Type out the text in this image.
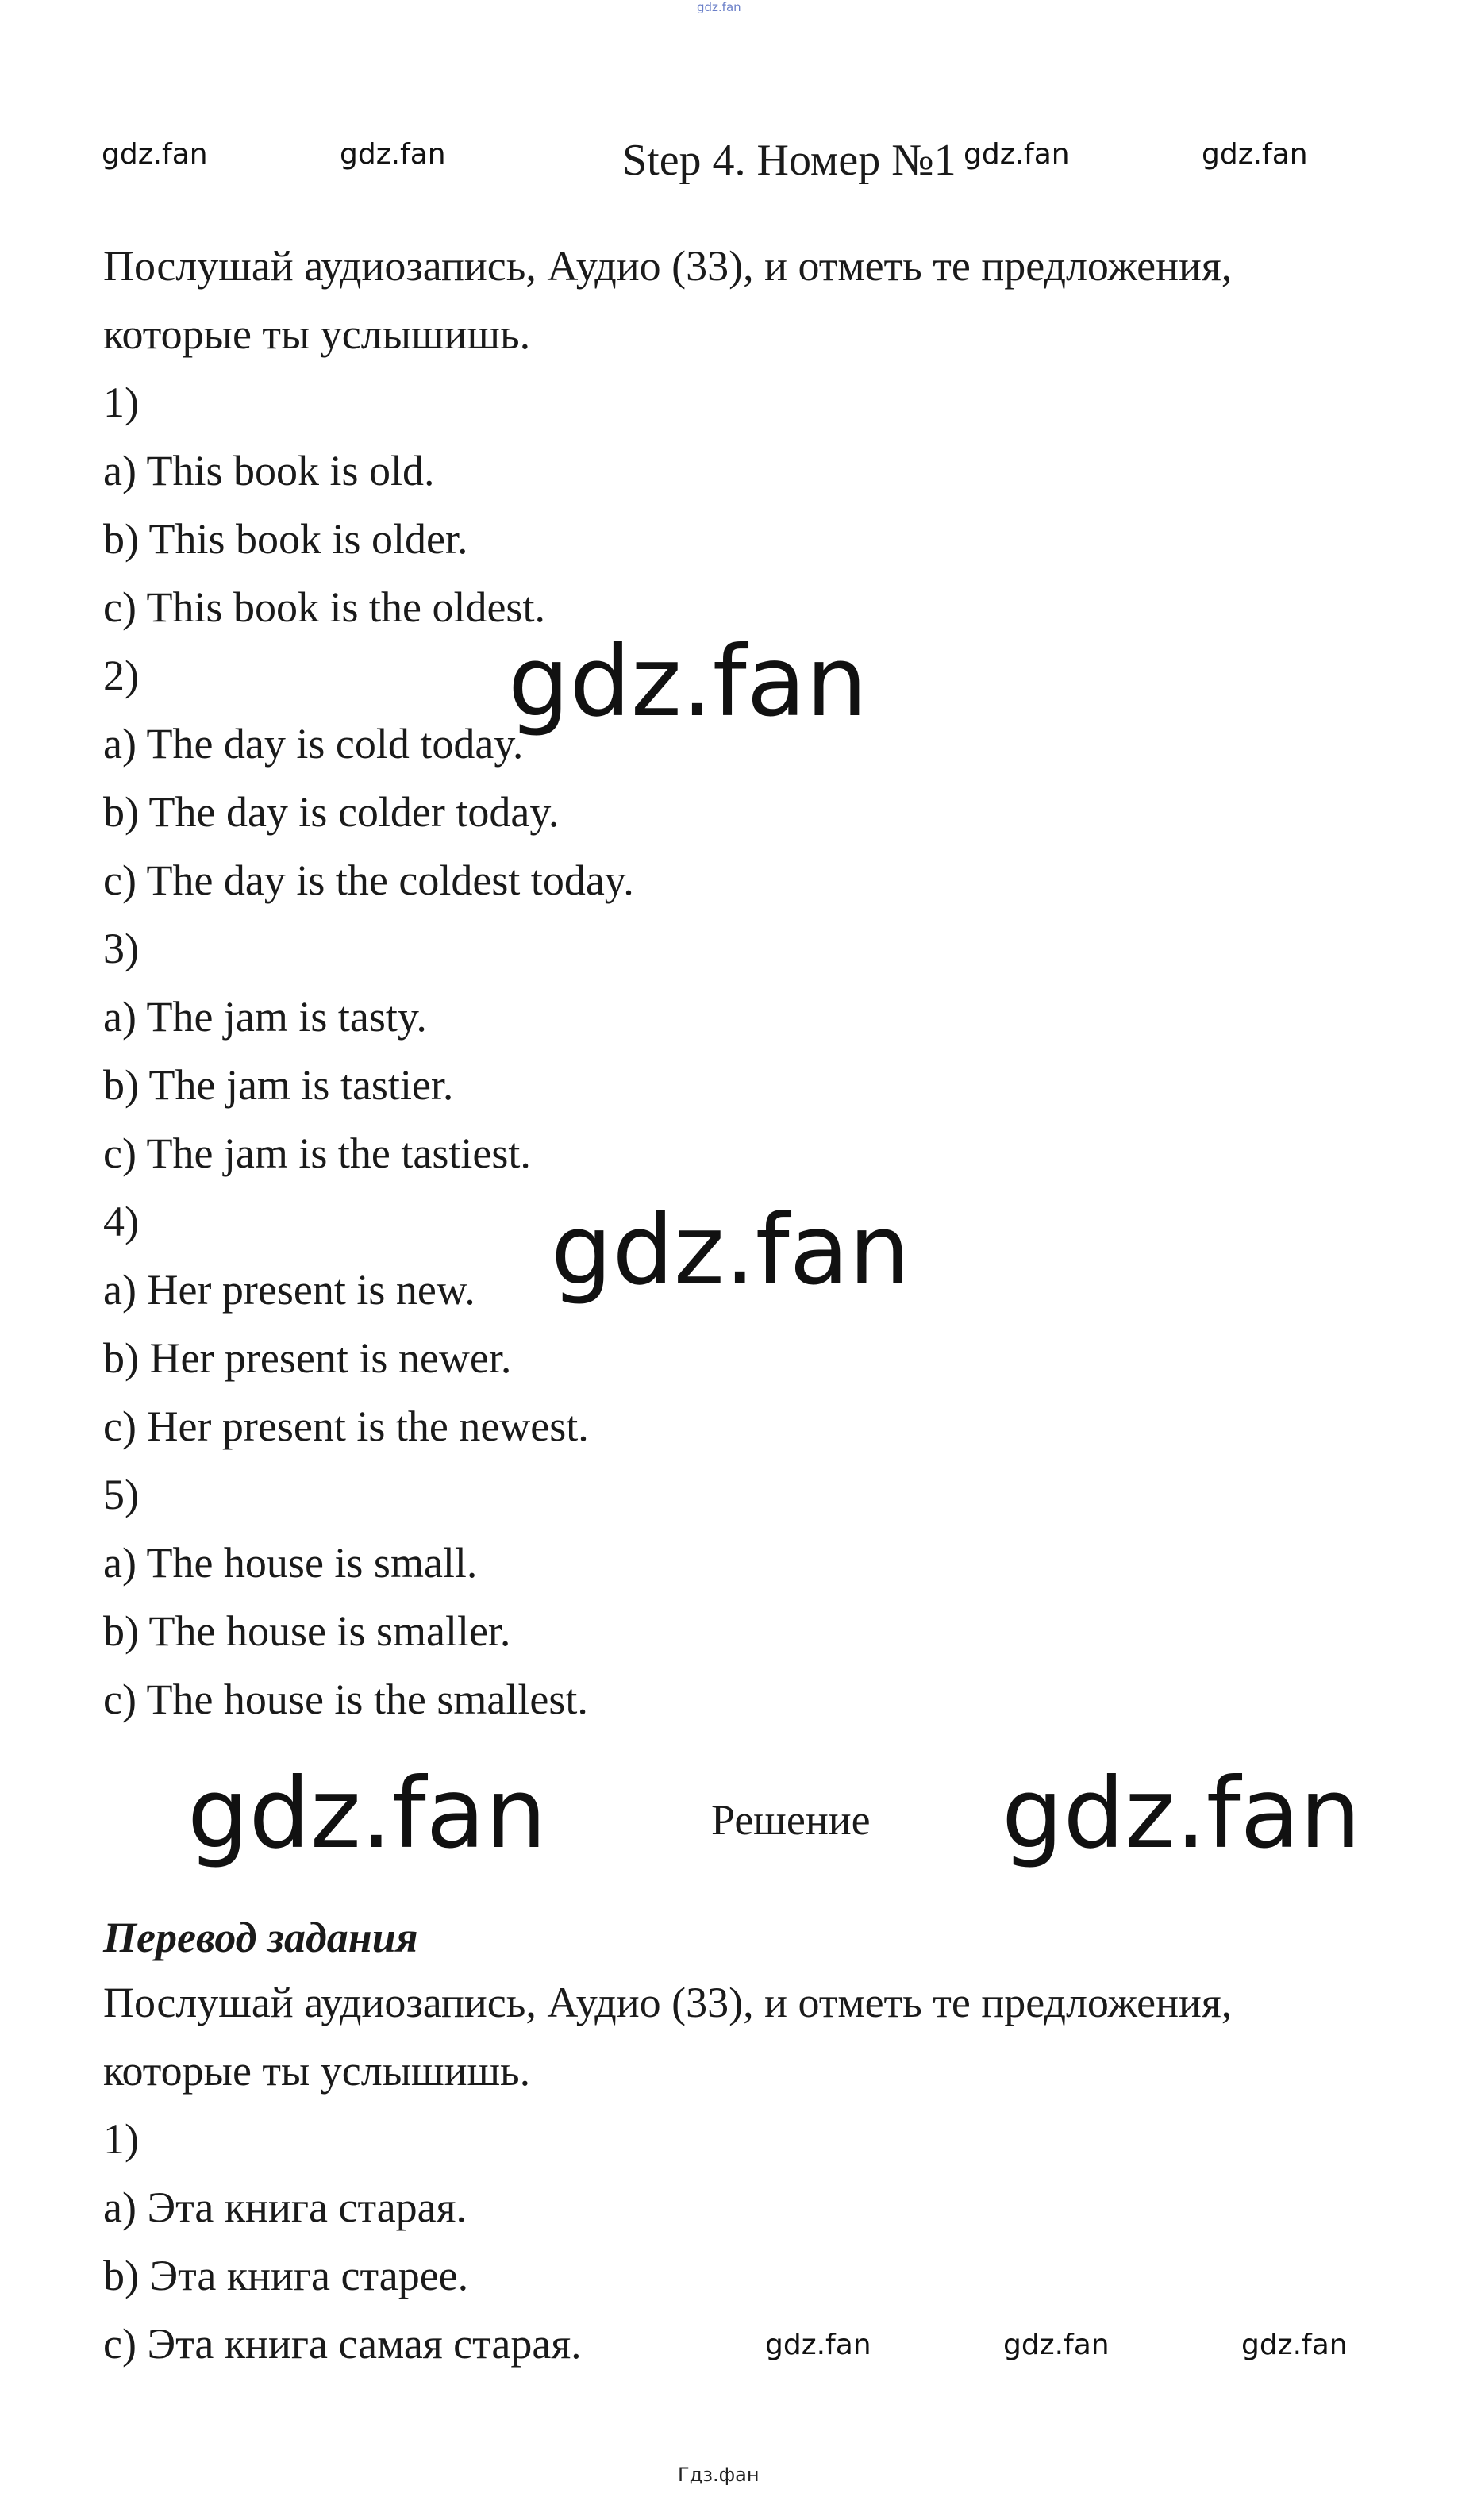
gdz.fan
gdz.fan	gdz.fan	Step 4. Номер №1 gdz.fan	gdz.fan
Послушай аудиозапись, Аудио (33), и отметь те предложения,
которые ты услышишь.
1)
a) This book is old.
b) This book is older.
c) This book is the oldest.
2)
a) The day is cold today.
b) The day is colder today.
c) The day is the coldest today.
3)
a) The jam is tasty.
b) The jam is tastier.
c) The jam is the tastiest.
4)
a) Her present is new.
b) Her present is newer.
c) Her present is the newest.
5)
a) The house is small.
b) The house is smaller.
c) The house is the smallest.
gdz.fan
gdz.fan
gdz.fan	Решение gdz.fan
Перевод задания
Послушай аудиозапись, Аудио (33), и отметь те предложения,
которые ты услышишь.
1)
a) Эта книга старая.
b) Эта книга старее.
c) Эта книга самая старая.	gdz.fan	gdz.fan	gdz.fan
Гдз.фан
